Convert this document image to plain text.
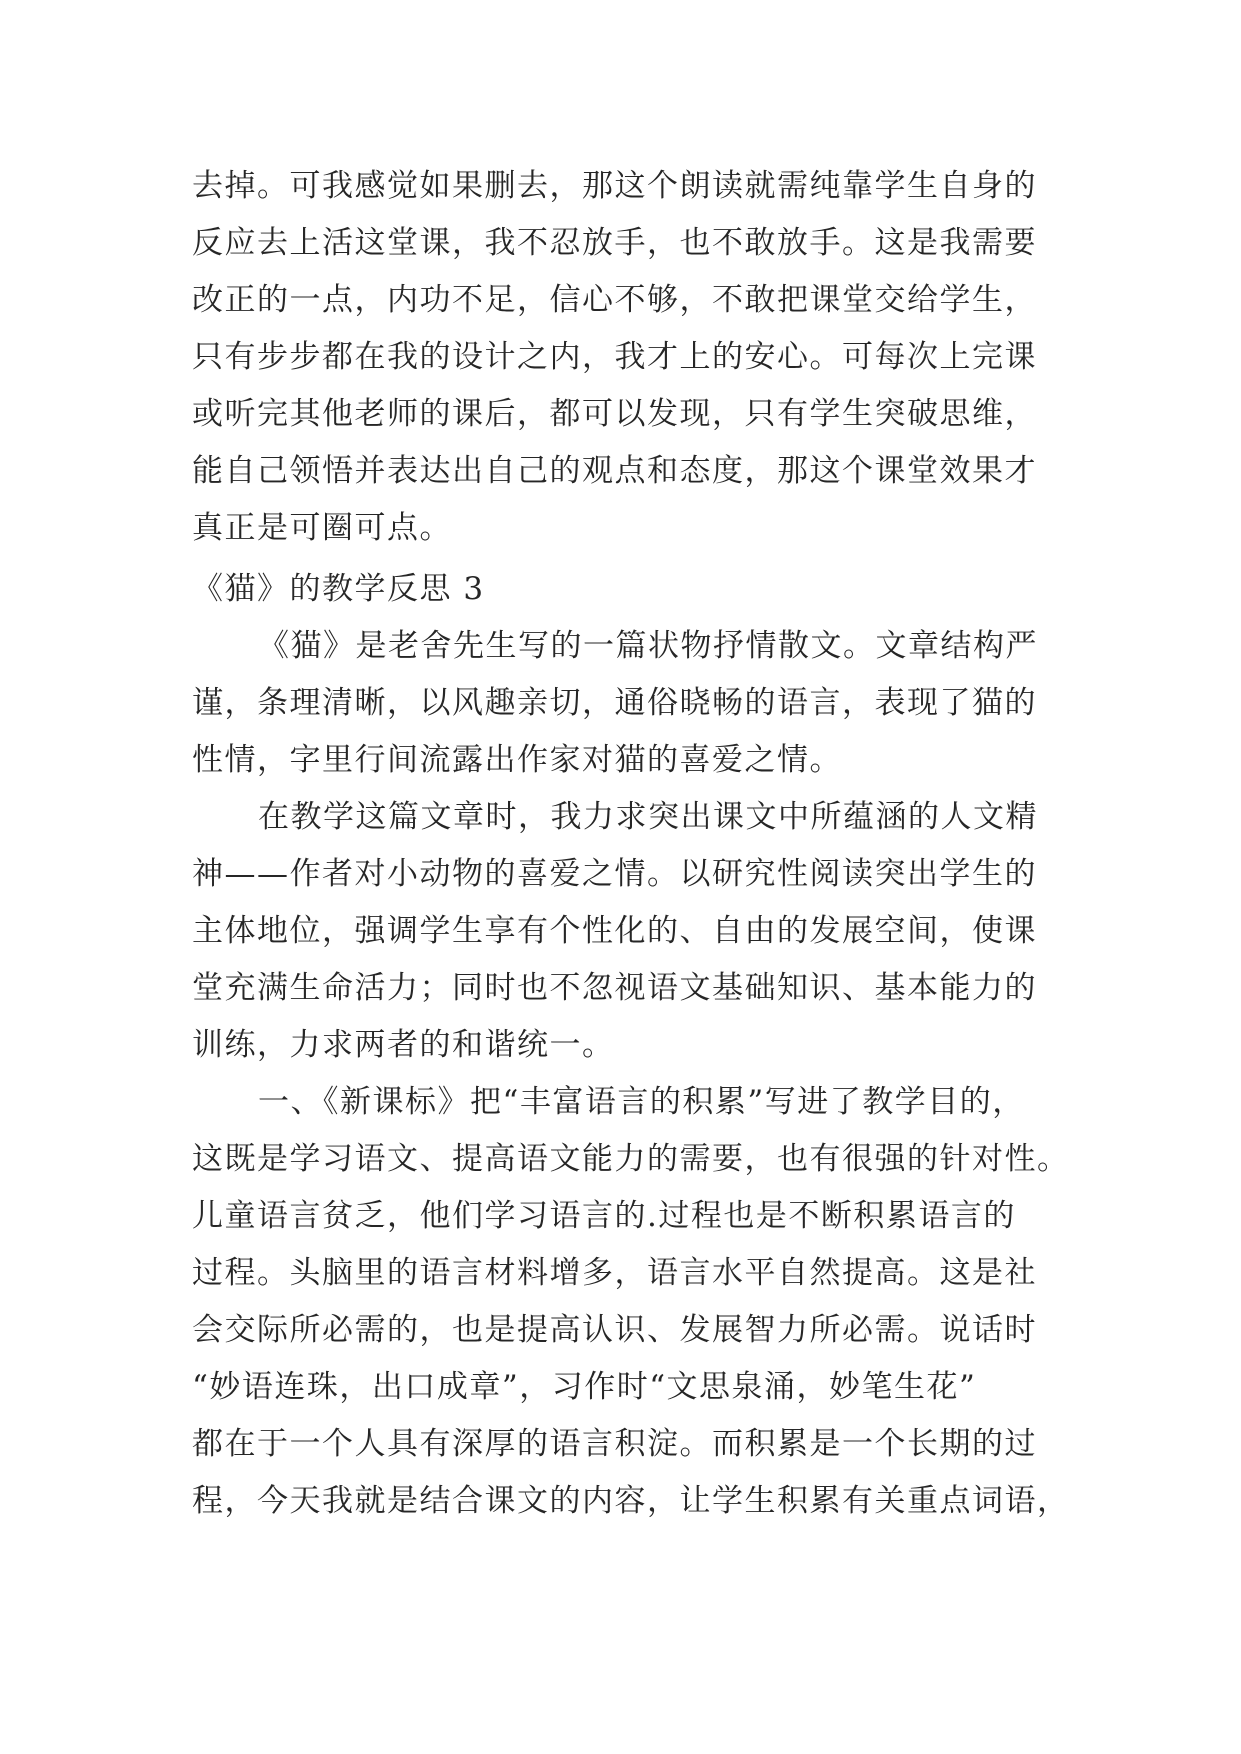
去掉。可我感觉如果删去，那这个朗读就需纯靠学生自身的
反应去上活这堂课，我不忍放手，也不敢放手。这是我需要
改正的一点，内功不足，信心不够，不敢把课堂交给学生，
只有步步都在我的设计之内，我才上的安心。可每次上完课
或听完其他老师的课后，都可以发现，只有学生突破思维，
能自己领悟并表达出自己的观点和态度，那这个课堂效果才
真正是可圈可点。
《猫》的教学反思 3
《猫》是老舍先生写的一篇状物抒情散文。文章结构严
谨，条理清晰，以风趣亲切，通俗晓畅的语言，表现了猫的
性情，字里行间流露出作家对猫的喜爱之情。
在教学这篇文章时，我力求突出课文中所蕴涵的人文精
神——作者对小动物的喜爱之情。以研究性阅读突出学生的
主体地位，强调学生享有个性化的、自由的发展空间，使课
堂充满生命活力；同时也不忽视语文基础知识、基本能力的
训练，力求两者的和谐统一。
一、《新课标》把“丰富语言的积累”写进了教学目的，
这既是学习语文、提高语文能力的需要，也有很强的针对性。
儿童语言贫乏，他们学习语言的.过程也是不断积累语言的
过程。头脑里的语言材料增多，语言水平自然提高。这是社
会交际所必需的，也是提高认识、发展智力所必需。说话时
“妙语连珠，出口成章”，习作时“文思泉涌，妙笔生花”
都在于一个人具有深厚的语言积淀。而积累是一个长期的过
程，今天我就是结合课文的内容，让学生积累有关重点词语，
